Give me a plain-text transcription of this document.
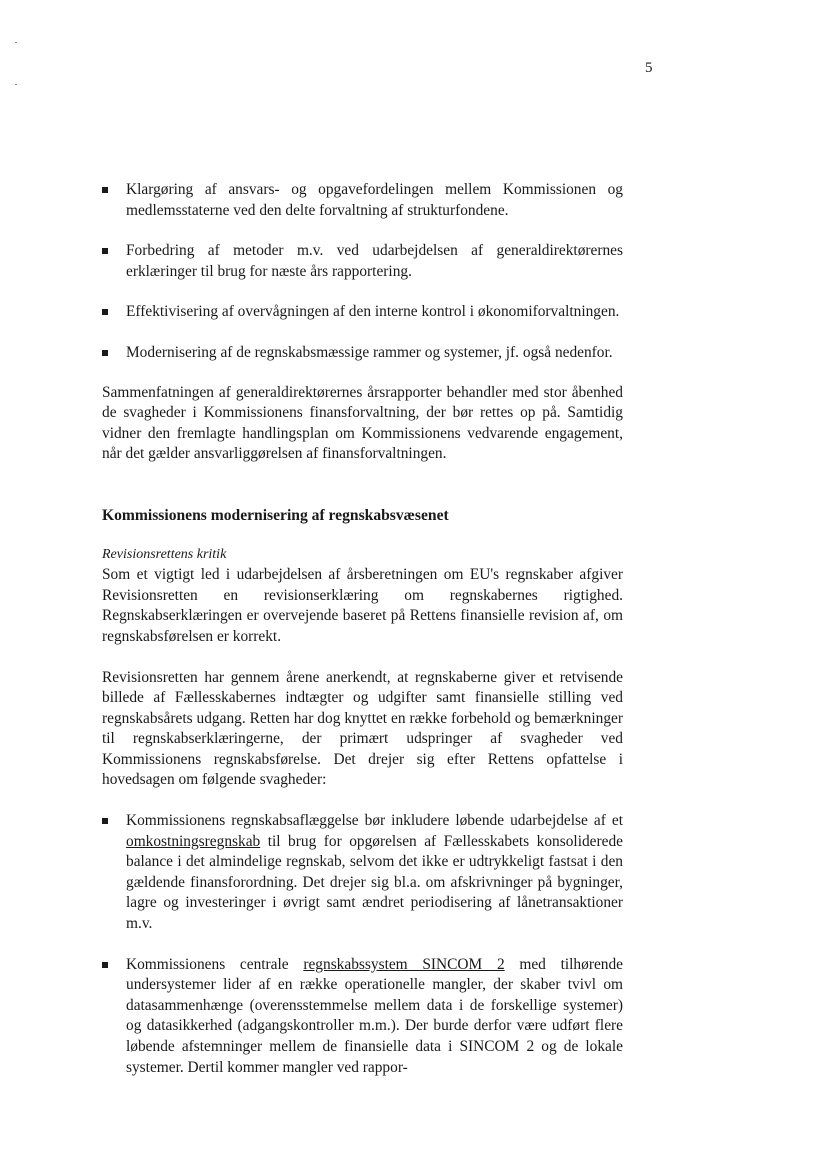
5
Klargøring af ansvars- og opgavefordelingen mellem Kommissionen og medlemsstaterne ved den delte forvaltning af strukturfondene.
Forbedring af metoder m.v. ved udarbejdelsen af generaldirektørernes erklæringer til brug for næste års rapportering.
Effektivisering af overvågningen af den interne kontrol i økonomiforvaltningen.
Modernisering af de regnskabsmæssige rammer og systemer, jf. også nedenfor.

Sammenfatningen af generaldirektørernes årsrapporter behandler med stor åbenhed de svagheder i Kommissionens finansforvaltning, der bør rettes op på. Samtidig vidner den fremlagte handlingsplan om Kommissionens vedvarende engagement, når det gælder ansvarliggørelsen af finansforvaltningen.

Kommissionens modernisering af regnskabsvæsenet

Revisionsrettens kritik

Som et vigtigt led i udarbejdelsen af årsberetningen om EU's regnskaber afgiver Revisionsretten en revisionserklæring om regnskabernes rigtighed. Regnskabserklæringen er overvejende baseret på Rettens finansielle revision af, om regnskabsførelsen er korrekt.

Revisionsretten har gennem årene anerkendt, at regnskaberne giver et retvisende billede af Fællesskabernes indtægter og udgifter samt finansielle stilling ved regnskabsårets udgang. Retten har dog knyttet en række forbehold og bemærkninger til regnskabserklæringerne, der primært udspringer af svagheder ved Kommissionens regnskabsførelse. Det drejer sig efter Rettens opfattelse i hovedsagen om følgende svagheder:

Kommissionens regnskabsaflæggelse bør inkludere løbende udarbejdelse af et omkostningsregnskab til brug for opgørelsen af Fællesskabets konsoliderede balance i det almindelige regnskab, selvom det ikke er udtrykkeligt fastsat i den gældende finansforordning. Det drejer sig bl.a. om afskrivninger på bygninger, lagre og investeringer i øvrigt samt ændret periodisering af lånetransaktioner m.v.
Kommissionens centrale regnskabssystem SINCOM 2 med tilhørende undersystemer lider af en række operationelle mangler, der skaber tvivl om datasammenhænge (overensstemmelse mellem data i de forskellige systemer) og datasikkerhed (adgangskontroller m.m.). Der burde derfor være udført flere løbende afstemninger mellem de finansielle data i SINCOM 2 og de lokale systemer. Dertil kommer mangler ved rappor-
